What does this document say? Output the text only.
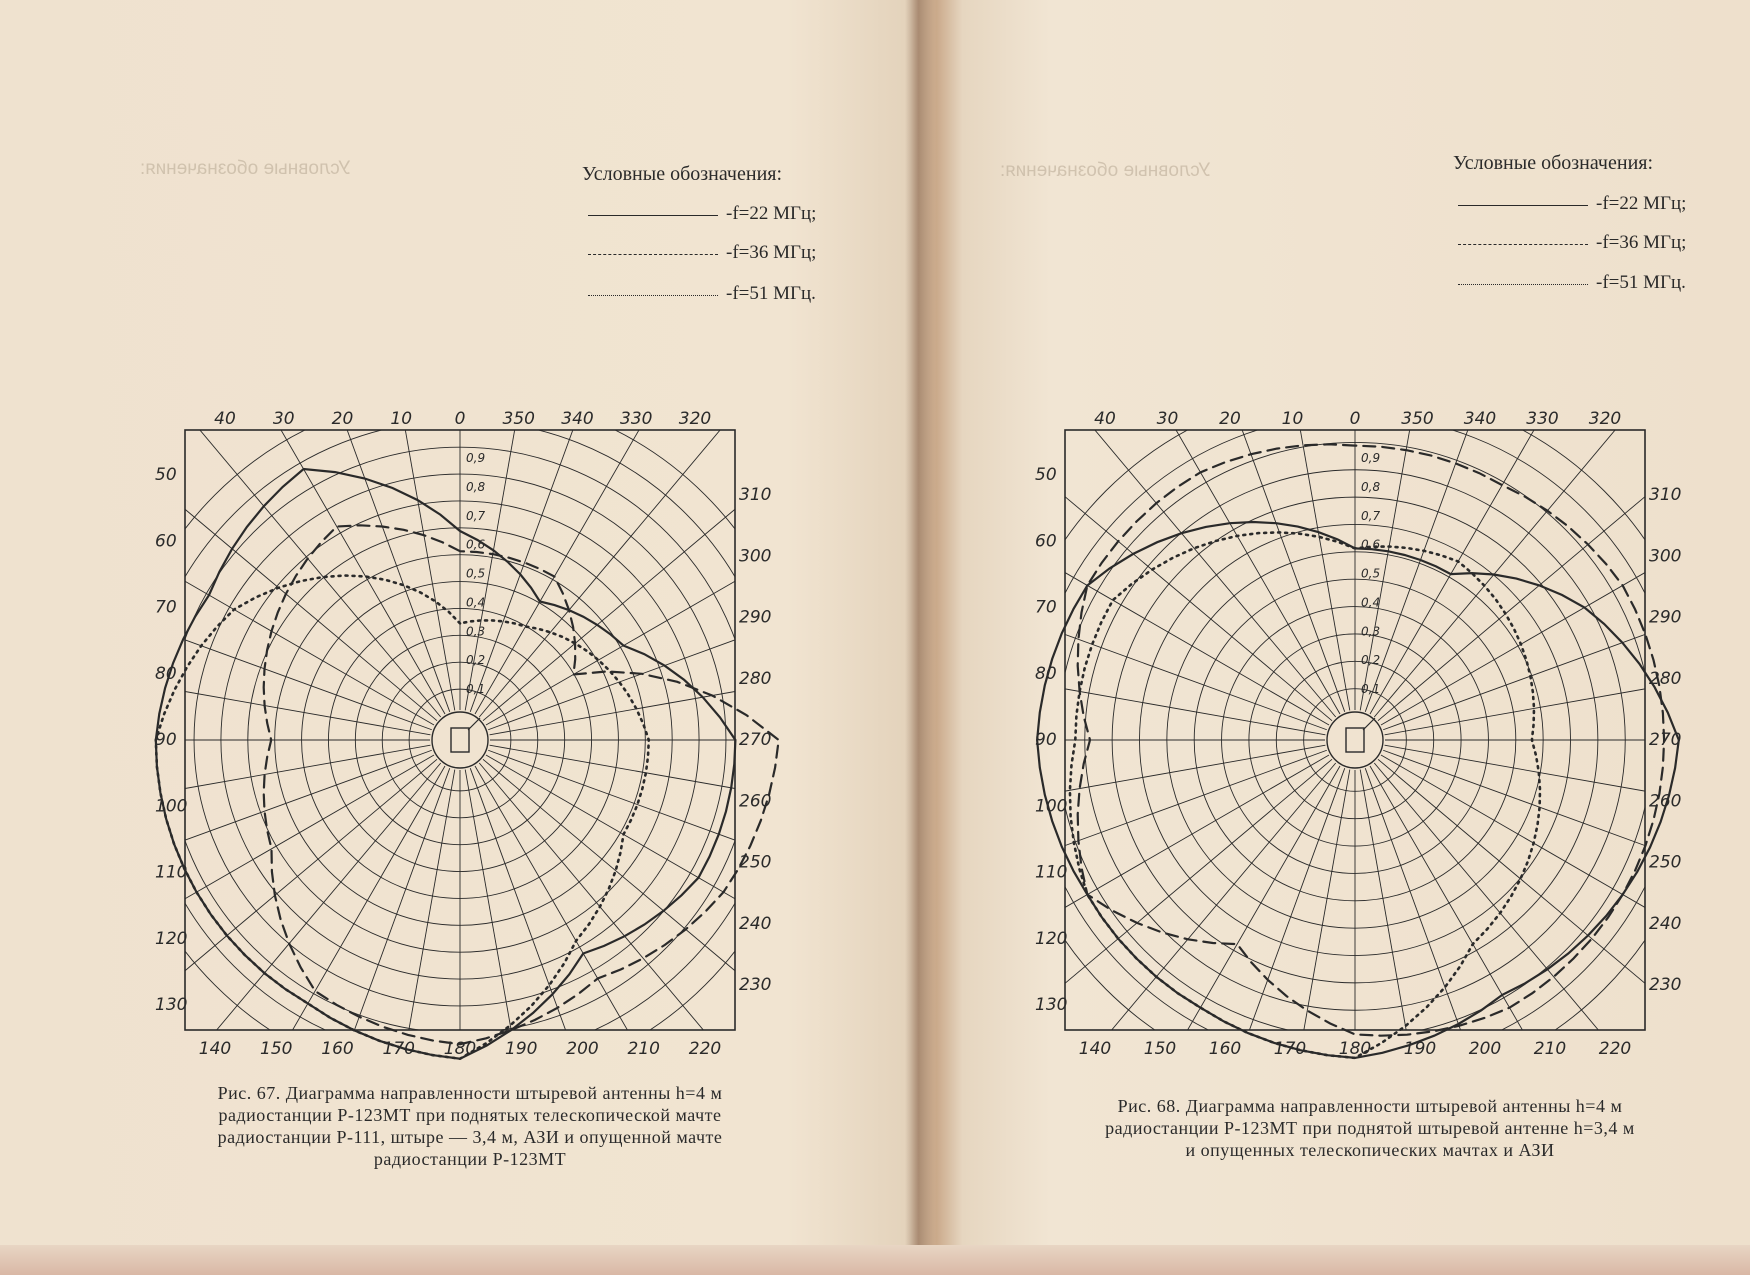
Условные обозначения:	Условные обозначения:
Условные обозначения:
-f=22 МГц;
-f=36 МГц;
-f=51 МГц.
0,9
0,8
0,7
0,6
0,5
0,4
0,3
0,2
0,1
40 30 20 10	0 350 340 330 320
140 150 160 170 180 190 200 210 220
50
60
70
80
90
100
110
120
130
310
300
290
280
270
260
250
240
230
Рис. 67. Диаграмма направленности штыревой антенны h=4 м
радиостанции Р-123МТ при поднятых телескопической мачте
радиостанции Р-111, штыре — 3,4 м, АЗИ и опущенной мачте
радиостанции Р-123МТ
Условные обозначения:
-f=22 МГц;
-f=36 МГц;
-f=51 МГц.
0,9
0,8
0,7
0,6
0,5
0,4
0,3
0,2
0,1
40 30 20 10	0 350 340 330 320
140 150 160 170 180 190 200 210 220
50
60
70
80
90
100
110
120
130
310
300
290
280
270
260
250
240
230
Рис. 68. Диаграмма направленности штыревой антенны h=4 м
радиостанции Р-123МТ при поднятой штыревой антенне h=3,4 м
и опущенных телескопических мачтах и АЗИ
